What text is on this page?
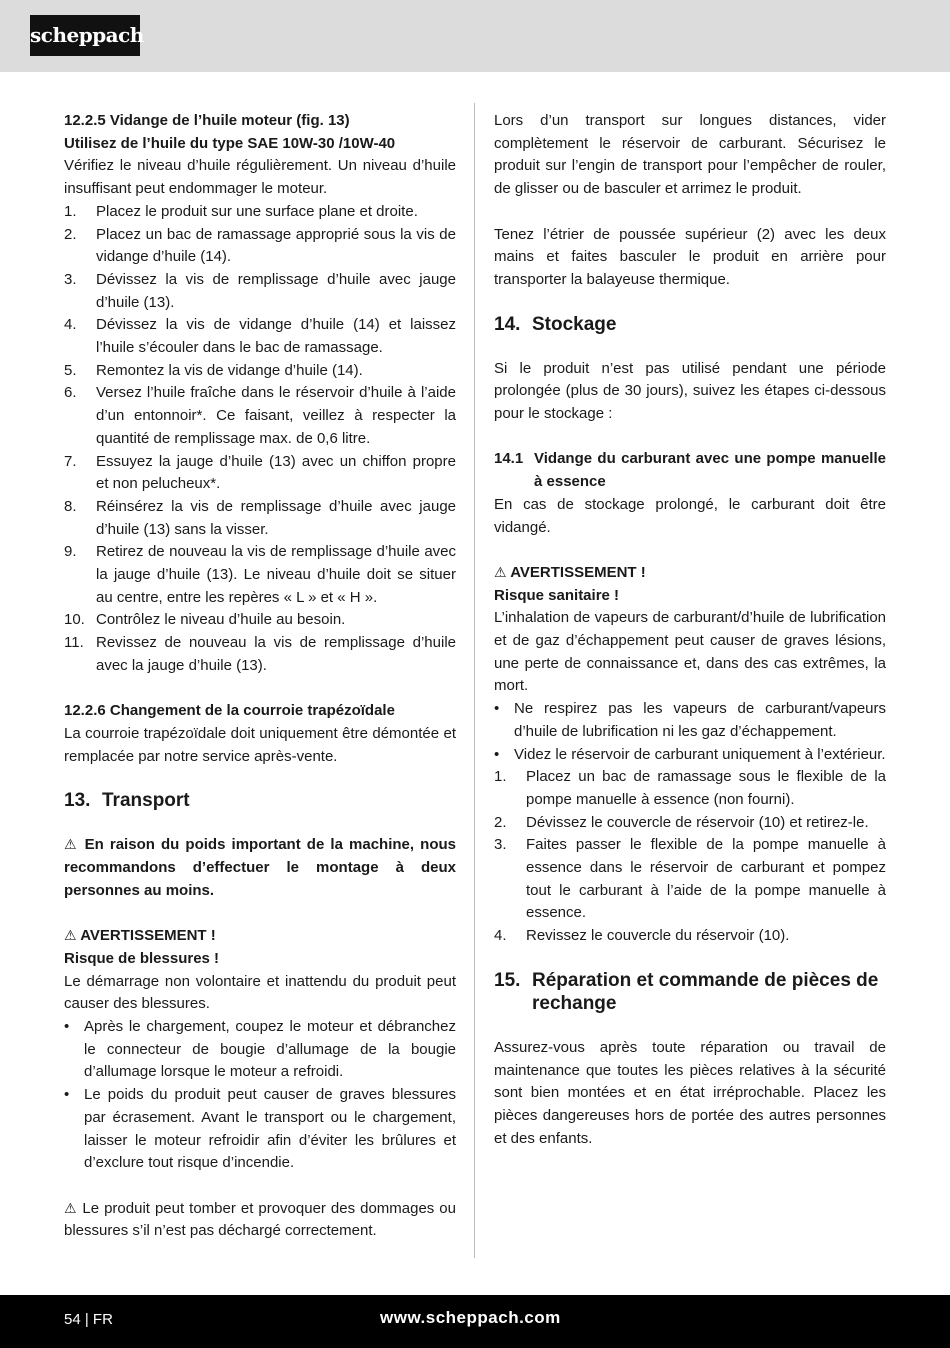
scheppach

12.2.5 Vidange de l’huile moteur (fig. 13)

Utilisez de l’huile du type SAE 10W-30 /10W-40

Vérifiez le niveau d’huile régulièrement. Un niveau d’huile insuffisant peut endommager le moteur.

1.	Placez le produit sur une surface plane et droite.
2.	Placez un bac de ramassage approprié sous la vis de vidange d’huile (14).
3.	Dévissez la vis de remplissage d’huile avec jauge d’huile (13).
4.	Dévissez la vis de vidange d’huile (14) et laissez l’huile s’écouler dans le bac de ramassage.
5.	Remontez la vis de vidange d’huile (14).
6.	Versez l’huile fraîche dans le réservoir d’huile à l’aide d’un entonnoir*. Ce faisant, veillez à respecter la quantité de remplissage max. de 0,6 litre.
7.	Essuyez la jauge d’huile (13) avec un chiffon propre et non pelucheux*.
8.	Réinsérez la vis de remplissage d’huile avec jauge d’huile (13) sans la visser.
9.	Retirez de nouveau la vis de remplissage d’huile avec la jauge d’huile (13). Le niveau d’huile doit se situer au centre, entre les repères « L » et « H ».
10. Contrôlez le niveau d’huile au besoin.
11. Revissez de nouveau la vis de remplissage d’huile avec la jauge d’huile (13).

12.2.6 Changement de la courroie trapézoïdale

La courroie trapézoïdale doit uniquement être démontée et remplacée par notre service après-vente.

13. Transport

⚠ En raison du poids important de la machine, nous recommandons d’effectuer le montage à deux personnes au moins.

⚠ AVERTISSEMENT !

Risque de blessures !

Le démarrage non volontaire et inattendu du produit peut causer des blessures.

• Après le chargement, coupez le moteur et débranchez le connecteur de bougie d’allumage de la bougie d’allumage lorsque le moteur a refroidi.
• Le poids du produit peut causer de graves blessures par écrasement. Avant le transport ou le chargement, laisser le moteur refroidir afin d’éviter les brûlures et d’exclure tout risque d’incendie.

⚠ Le produit peut tomber et provoquer des dommages ou blessures s’il n’est pas déchargé correctement.

Lors d’un transport sur longues distances, vider complètement le réservoir de carburant. Sécurisez le produit sur l’engin de transport pour l’empêcher de rouler, de glisser ou de basculer et arrimez le produit.

Tenez l’étrier de poussée supérieur (2) avec les deux mains et faites basculer le produit en arrière pour transporter la balayeuse thermique.

14. Stockage

Si le produit n’est pas utilisé pendant une période prolongée (plus de 30 jours), suivez les étapes ci-dessous pour le stockage :

14.1 Vidange du carburant avec une pompe manuelle à essence

En cas de stockage prolongé, le carburant doit être vidangé.

⚠ AVERTISSEMENT !

Risque sanitaire !

L’inhalation de vapeurs de carburant/d’huile de lubrification et de gaz d’échappement peut causer de graves lésions, une perte de connaissance et, dans des cas extrêmes, la mort.

• Ne respirez pas les vapeurs de carburant/vapeurs d’huile de lubrification ni les gaz d’échappement.
• Videz le réservoir de carburant uniquement à l’extérieur.
1.	Placez un bac de ramassage sous le flexible de la pompe manuelle à essence (non fourni).
2.	Dévissez le couvercle de réservoir (10) et retirez-le.
3.	Faites passer le flexible de la pompe manuelle à essence dans le réservoir de carburant et pompez tout le carburant à l’aide de la pompe manuelle à essence.
4.	Revissez le couvercle du réservoir (10).
15. Réparation et commande de pièces de rechange

Assurez-vous après toute réparation ou travail de maintenance que toutes les pièces relatives à la sécurité sont bien montées et en état irréprochable. Placez les pièces dangereuses hors de portée des autres personnes et des enfants.

54 | FR	www.scheppach.com
